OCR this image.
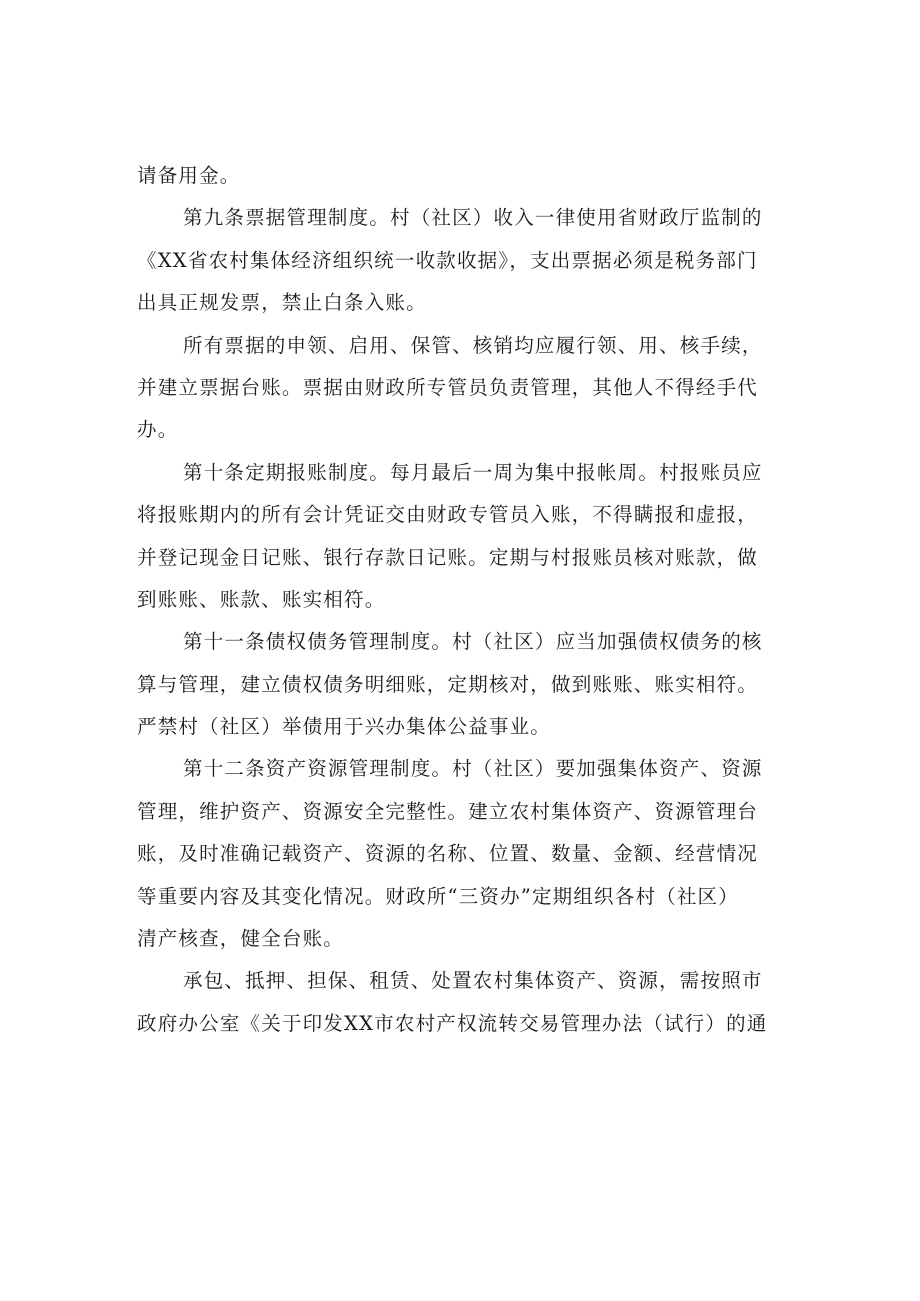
请备用金。
第九条票据管理制度。村（社区）收入一律使用省财政厅监制的
《XX省农村集体经济组织统一收款收据》，支出票据必须是税务部门
出具正规发票，禁止白条入账。
所有票据的申领、启用、保管、核销均应履行领、用、核手续，
并建立票据台账。票据由财政所专管员负责管理，其他人不得经手代
办。
第十条定期报账制度。每月最后一周为集中报帐周。村报账员应
将报账期内的所有会计凭证交由财政专管员入账，不得瞒报和虚报，
并登记现金日记账、银行存款日记账。定期与村报账员核对账款，做
到账账、账款、账实相符。
第十一条债权债务管理制度。村（社区）应当加强债权债务的核
算与管理，建立债权债务明细账，定期核对，做到账账、账实相符。
严禁村（社区）举债用于兴办集体公益事业。
第十二条资产资源管理制度。村（社区）要加强集体资产、资源
管理，维护资产、资源安全完整性。建立农村集体资产、资源管理台
账，及时准确记载资产、资源的名称、位置、数量、金额、经营情况
等重要内容及其变化情况。财政所“三资办”定期组织各村（社区）
清产核查，健全台账。
承包、抵押、担保、租赁、处置农村集体资产、资源，需按照市
政府办公室《关于印发XX市农村产权流转交易管理办法（试行）的通
